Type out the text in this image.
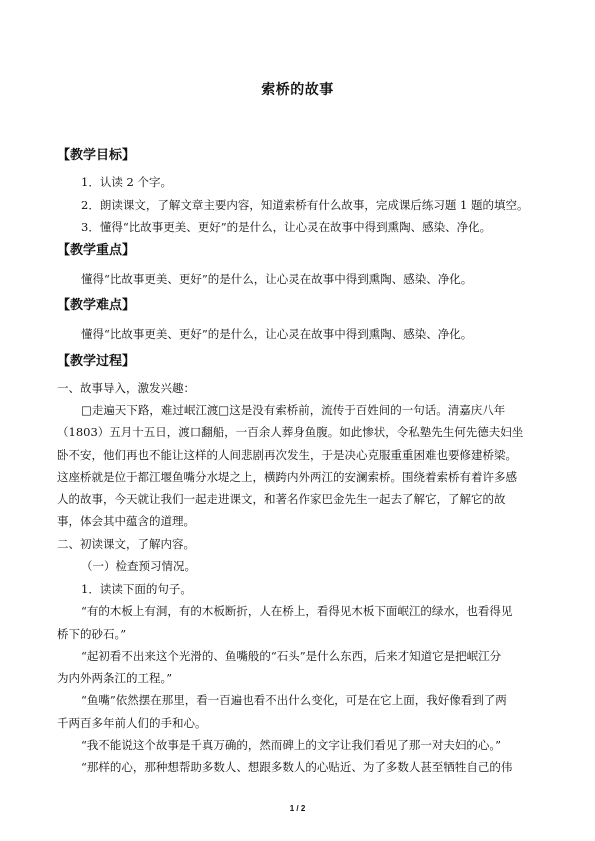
索桥的故事
【教学目标】

1．认读 2 个字。

2．朗读课文，了解文章主要内容，知道索桥有什么故事，完成课后练习题 1 题的填空。

3．懂得“比故事更美、更好”的是什么，让心灵在故事中得到熏陶、感染、净化。

【教学重点】

懂得“比故事更美、更好”的是什么，让心灵在故事中得到熏陶、感染、净化。

【教学难点】

懂得“比故事更美、更好”的是什么，让心灵在故事中得到熏陶、感染、净化。

【教学过程】

一、故事导入，激发兴趣：

□走遍天下路，难过岷江渡□这是没有索桥前，流传于百姓间的一句话。清嘉庆八年
（1803）五月十五日，渡口翻船，一百余人葬身鱼腹。如此惨状，令私塾先生何先德夫妇坐
卧不安，他们再也不能让这样的人间悲剧再次发生，于是决心克服重重困难也要修建桥梁。
这座桥就是位于都江堰鱼嘴分水堤之上，横跨内外两江的安澜索桥。围绕着索桥有着许多感
人的故事，今天就让我们一起走进课文，和著名作家巴金先生一起去了解它，了解它的故
事，体会其中蕴含的道理。

二、初读课文，了解内容。

（一）检查预习情况。

1．读读下面的句子。

“有的木板上有洞，有的木板断折，人在桥上，看得见木板下面岷江的绿水，也看得见
桥下的砂石。”
“起初看不出来这个光滑的、鱼嘴般的“石头”是什么东西，后来才知道它是把岷江分
为内外两条江的工程。”
“鱼嘴”依然摆在那里，看一百遍也看不出什么变化，可是在它上面，我好像看到了两
千两百多年前人们的手和心。
“我不能说这个故事是千真万确的，然而碑上的文字让我们看见了那一对夫妇的心。”
“那样的心，那种想帮助多数人、想跟多数人的心贴近、为了多数人甚至牺牲自己的伟
1 / 2
